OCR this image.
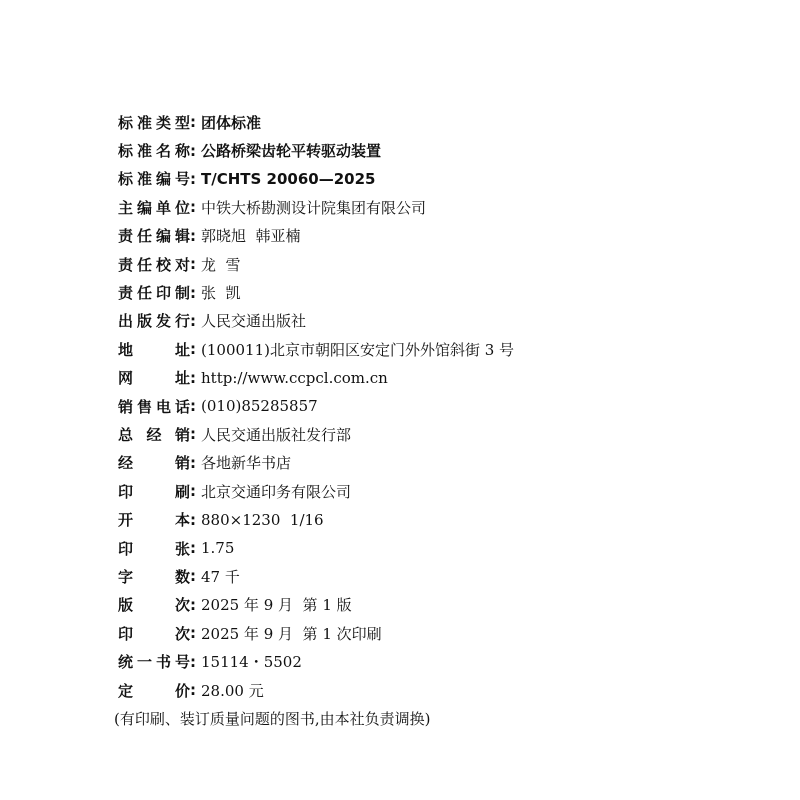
标准类型 : 团体标准
标准名称 : 公路桥梁齿轮平转驱动装置
标准编号 : T/CHTS 20060—2025
主编单位 : 中铁大桥勘测设计院集团有限公司
责任编辑 : 郭晓旭  韩亚楠
责任校对 : 龙  雪
责任印制 : 张  凯
出版发行 : 人民交通出版社
地址 : (100011)北京市朝阳区安定门外外馆斜街 3 号
网址 : http://www.ccpcl.com.cn
销售电话 : (010)85285857
总经销 : 人民交通出版社发行部
经销 : 各地新华书店
印刷 : 北京交通印务有限公司
开本 : 880×1230  1/16
印张 : 1.75
字数 : 47 千
版次 : 2025 年 9 月  第 1 版
印次 : 2025 年 9 月  第 1 次印刷
统一书号 : 15114・5502
定价 : 28.00 元
(有印刷、装订质量问题的图书,由本社负责调换)
